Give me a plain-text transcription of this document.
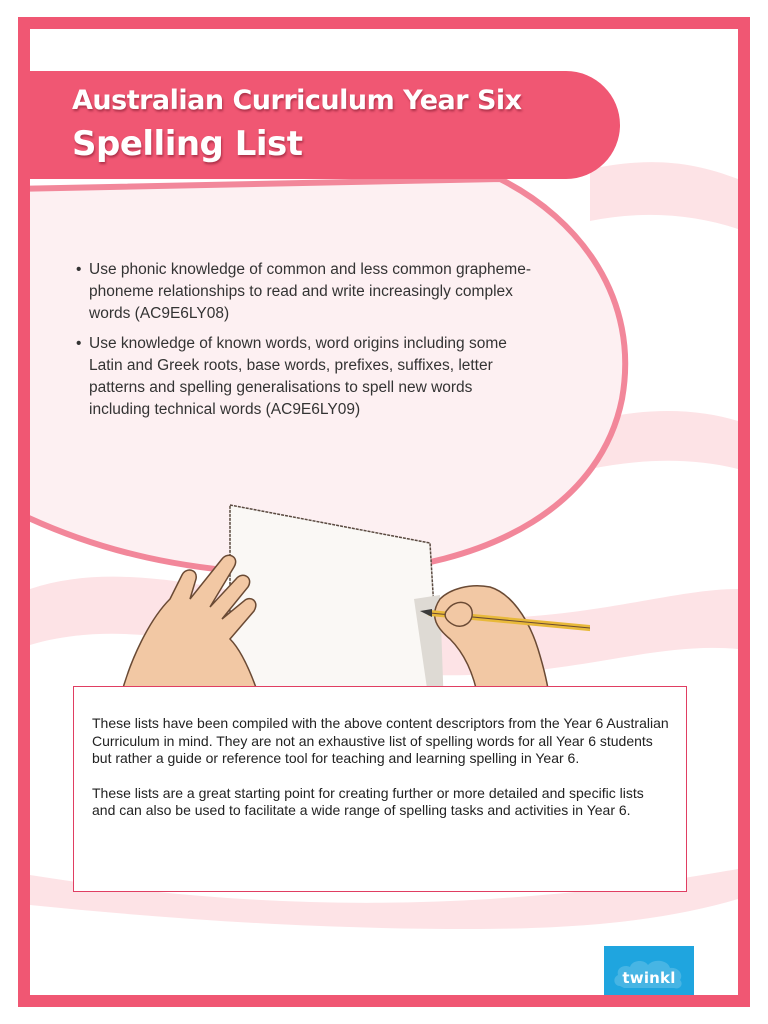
Australian Curriculum Year Six
Spelling List
• Use phonic knowledge of common and less common grapheme-phoneme relationships to read and write increasingly complex words (AC9E6LY08)
• Use knowledge of known words, word origins including some Latin and Greek roots, base words, prefixes, suffixes, letter patterns and spelling generalisations to spell new words including technical words (AC9E6LY09)

These lists have been compiled with the above content descriptors from the Year 6 Australian Curriculum in mind. They are not an exhaustive list of spelling words for all Year 6 students but rather a guide or reference tool for teaching and learning spelling in Year 6.

These lists are a great starting point for creating further or more detailed and specific lists and can also be used to facilitate a wide range of spelling tasks and activities in Year 6.

twinkl
